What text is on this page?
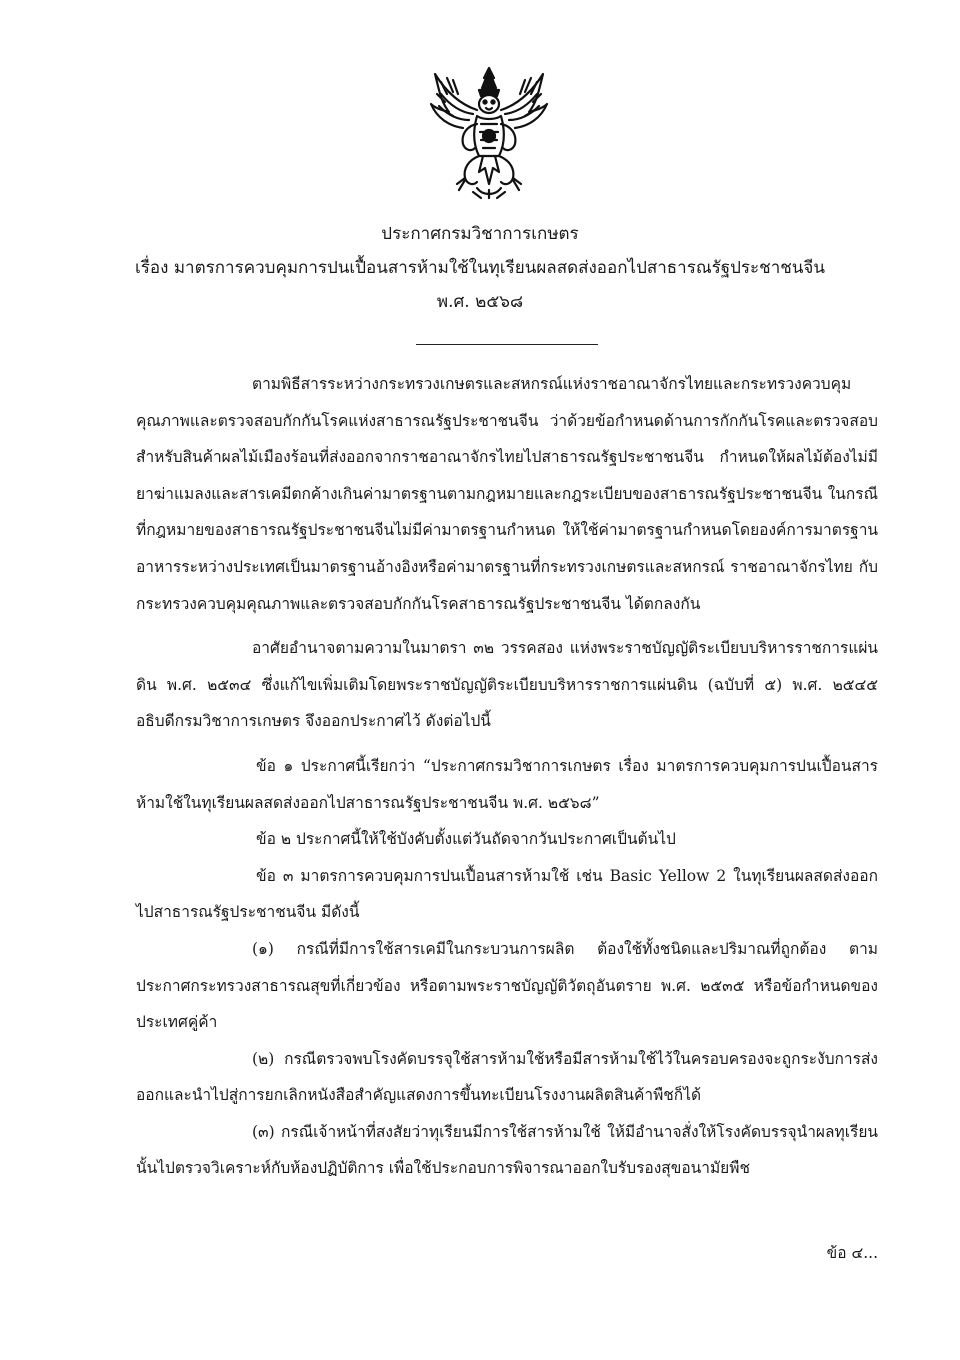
ประกาศกรมวิชาการเกษตร
เรื่อง มาตรการควบคุมการปนเปื้อนสารห้ามใช้ในทุเรียนผลสดส่งออกไปสาธารณรัฐประชาชนจีน
พ.ศ. ๒๕๖๘

ตามพิธีสารระหว่างกระทรวงเกษตรและสหกรณ์แห่งราชอาณาจักรไทยและกระทรวงควบคุมคุณภาพและตรวจสอบกักกันโรคแห่งสาธารณรัฐประชาชนจีน ว่าด้วยข้อกำหนดด้านการกักกันโรคและตรวจสอบสำหรับสินค้าผลไม้เมืองร้อนที่ส่งออกจากราชอาณาจักรไทยไปสาธารณรัฐประชาชนจีน กำหนดให้ผลไม้ต้องไม่มียาฆ่าแมลงและสารเคมีตกค้างเกินค่ามาตรฐานตามกฎหมายและกฎระเบียบของสาธารณรัฐประชาชนจีน ในกรณีที่กฎหมายของสาธารณรัฐประชาชนจีนไม่มีค่ามาตรฐานกำหนด ให้ใช้ค่ามาตรฐานกำหนดโดยองค์การมาตรฐานอาหารระหว่างประเทศเป็นมาตรฐานอ้างอิงหรือค่ามาตรฐานที่กระทรวงเกษตรและสหกรณ์ ราชอาณาจักรไทย กับกระทรวงควบคุมคุณภาพและตรวจสอบกักกันโรคสาธารณรัฐประชาชนจีน ได้ตกลงกัน

อาศัยอำนาจตามความในมาตรา ๓๒ วรรคสอง แห่งพระราชบัญญัติระเบียบบริหารราชการแผ่นดิน พ.ศ. ๒๕๓๔ ซึ่งแก้ไขเพิ่มเติมโดยพระราชบัญญัติระเบียบบริหารราชการแผ่นดิน (ฉบับที่ ๕) พ.ศ. ๒๕๔๕ อธิบดีกรมวิชาการเกษตร จึงออกประกาศไว้ ดังต่อไปนี้

ข้อ ๑ ประกาศนี้เรียกว่า “ประกาศกรมวิชาการเกษตร เรื่อง มาตรการควบคุมการปนเปื้อนสารห้ามใช้ในทุเรียนผลสดส่งออกไปสาธารณรัฐประชาชนจีน พ.ศ. ๒๕๖๘”

ข้อ ๒ ประกาศนี้ให้ใช้บังคับตั้งแต่วันถัดจากวันประกาศเป็นต้นไป

ข้อ ๓ มาตรการควบคุมการปนเปื้อนสารห้ามใช้ เช่น Basic Yellow 2 ในทุเรียนผลสดส่งออกไปสาธารณรัฐประชาชนจีน มีดังนี้

(๑) กรณีที่มีการใช้สารเคมีในกระบวนการผลิต ต้องใช้ทั้งชนิดและปริมาณที่ถูกต้อง ตามประกาศกระทรวงสาธารณสุขที่เกี่ยวข้อง หรือตามพระราชบัญญัติวัตถุอันตราย พ.ศ. ๒๕๓๕ หรือข้อกำหนดของประเทศคู่ค้า

(๒) กรณีตรวจพบโรงคัดบรรจุใช้สารห้ามใช้หรือมีสารห้ามใช้ไว้ในครอบครองจะถูกระงับการส่งออกและนำไปสู่การยกเลิกหนังสือสำคัญแสดงการขึ้นทะเบียนโรงงานผลิตสินค้าพืชก็ได้

(๓) กรณีเจ้าหน้าที่สงสัยว่าทุเรียนมีการใช้สารห้ามใช้ ให้มีอำนาจสั่งให้โรงคัดบรรจุนำผลทุเรียนนั้นไปตรวจวิเคราะห์กับห้องปฏิบัติการ เพื่อใช้ประกอบการพิจารณาออกใบรับรองสุขอนามัยพืช

ข้อ ๔...
